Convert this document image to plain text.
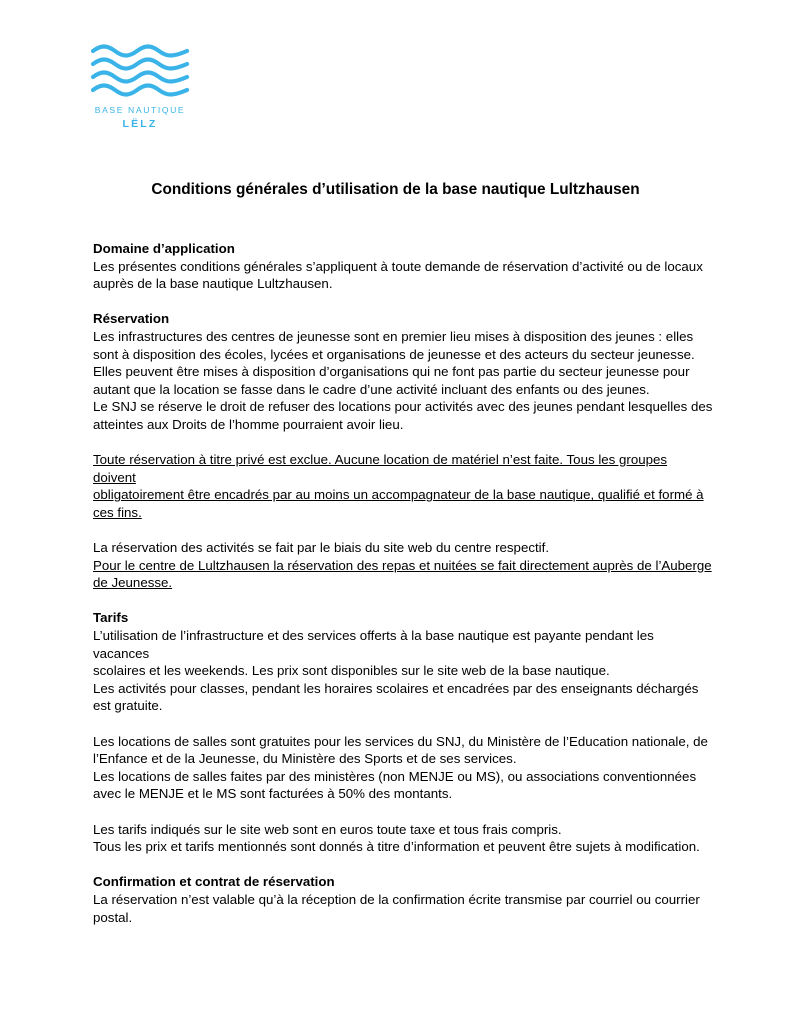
BASE NAUTIQUE
LËLZ
Conditions générales d’utilisation de la base nautique Lultzhausen

Domaine d’application

Les présentes conditions générales s’appliquent à toute demande de réservation d’activité ou de locaux

auprès de la base nautique Lultzhausen.

Réservation

Les infrastructures des centres de jeunesse sont en premier lieu mises à disposition des jeunes : elles

sont à disposition des écoles, lycées et organisations de jeunesse et des acteurs du secteur jeunesse.

Elles peuvent être mises à disposition d’organisations qui ne font pas partie du secteur jeunesse pour

autant que la location se fasse dans le cadre d’une activité incluant des enfants ou des jeunes.

Le SNJ se réserve le droit de refuser des locations pour activités avec des jeunes pendant lesquelles des

atteintes aux Droits de l’homme pourraient avoir lieu.

Toute réservation à titre privé est exclue. Aucune location de matériel n’est faite. Tous les groupes doivent

obligatoirement être encadrés par au moins un accompagnateur de la base nautique, qualifié et formé à

ces fins.

La réservation des activités se fait par le biais du site web du centre respectif.

Pour le centre de Lultzhausen la réservation des repas et nuitées se fait directement auprès de l’Auberge

de Jeunesse.

Tarifs

L’utilisation de l’infrastructure et des services offerts à la base nautique est payante pendant les vacances

scolaires et les weekends. Les prix sont disponibles sur le site web de la base nautique.

Les activités pour classes, pendant les horaires scolaires et encadrées par des enseignants déchargés

est gratuite.

Les locations de salles sont gratuites pour les services du SNJ, du Ministère de l’Education nationale, de

l’Enfance et de la Jeunesse, du Ministère des Sports et de ses services.

Les locations de salles faites par des ministères (non MENJE ou MS), ou associations conventionnées

avec le MENJE et le MS sont facturées à 50% des montants.

Les tarifs indiqués sur le site web sont en euros toute taxe et tous frais compris.

Tous les prix et tarifs mentionnés sont donnés à titre d’information et peuvent être sujets à modification.

Confirmation et contrat de réservation

La réservation n’est valable qu’à la réception de la confirmation écrite transmise par courriel ou courrier

postal.
